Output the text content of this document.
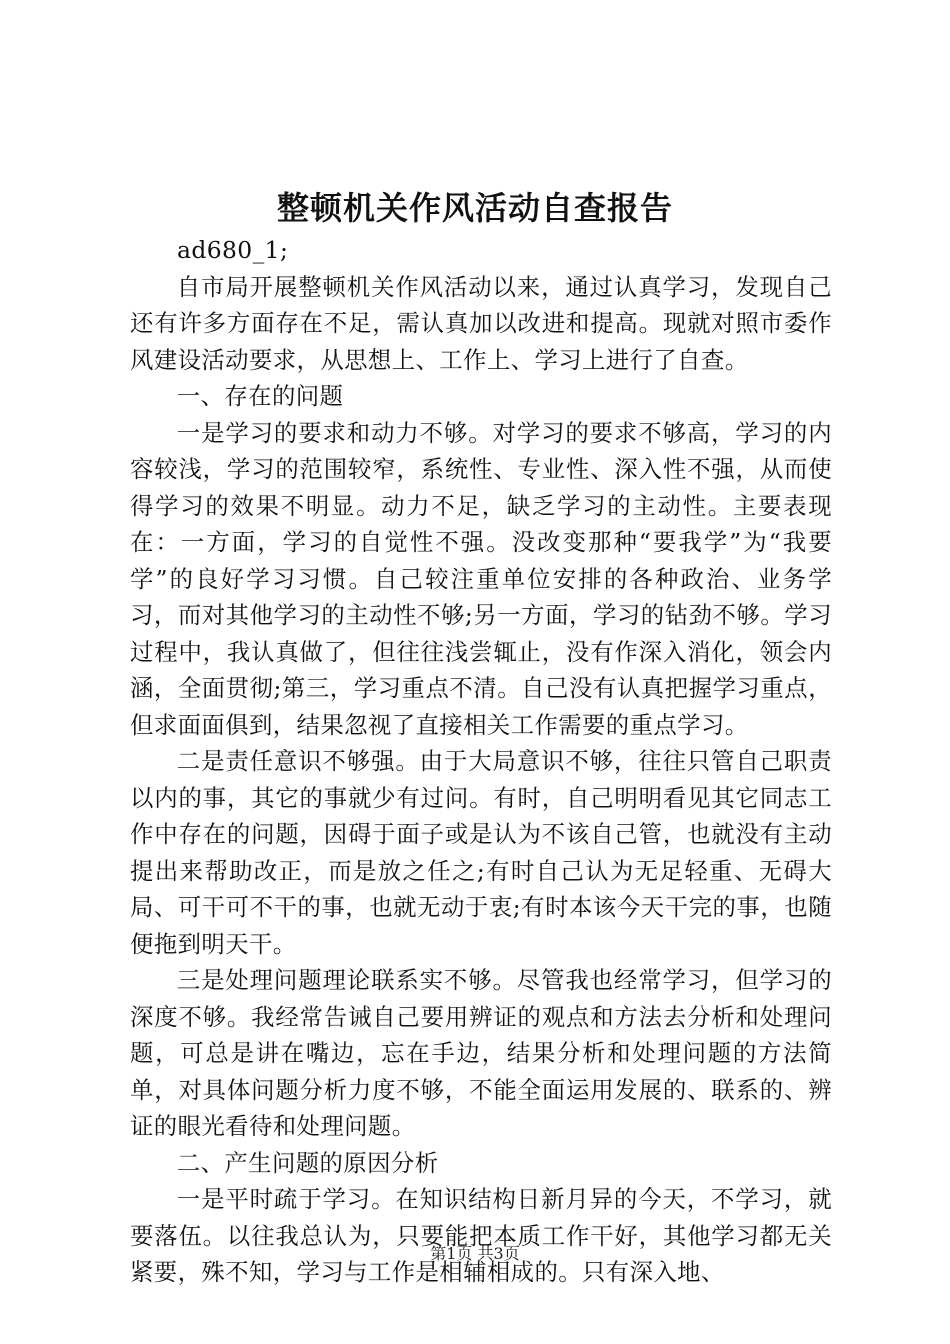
整顿机关作风活动自查报告

ad680_1;

自市局开展整顿机关作风活动以来，通过认真学习，发现自己还有许多方面存在不足，需认真加以改进和提高。现就对照市委作风建设活动要求，从思想上、工作上、学习上进行了自查。

一、存在的问题

一是学习的要求和动力不够。对学习的要求不够高，学习的内容较浅，学习的范围较窄，系统性、专业性、深入性不强，从而使得学习的效果不明显。动力不足，缺乏学习的主动性。主要表现在：一方面，学习的自觉性不强。没改变那种“要我学”为“我要学”的良好学习习惯。自己较注重单位安排的各种政治、业务学习，而对其他学习的主动性不够;另一方面，学习的钻劲不够。学习过程中，我认真做了，但往往浅尝辄止，没有作深入消化，领会内涵，全面贯彻;第三，学习重点不清。自己没有认真把握学习重点，但求面面俱到，结果忽视了直接相关工作需要的重点学习。

二是责任意识不够强。由于大局意识不够，往往只管自己职责以内的事，其它的事就少有过问。有时，自己明明看见其它同志工作中存在的问题，因碍于面子或是认为不该自己管，也就没有主动提出来帮助改正，而是放之任之;有时自己认为无足轻重、无碍大局、可干可不干的事，也就无动于衷;有时本该今天干完的事，也随便拖到明天干。

三是处理问题理论联系实不够。尽管我也经常学习，但学习的深度不够。我经常告诫自己要用辨证的观点和方法去分析和处理问题，可总是讲在嘴边，忘在手边，结果分析和处理问题的方法简单，对具体问题分析力度不够，不能全面运用发展的、联系的、辨证的眼光看待和处理问题。

二、产生问题的原因分析

一是平时疏于学习。在知识结构日新月异的今天，不学习，就要落伍。以往我总认为，只要能把本质工作干好，其他学习都无关紧要，殊不知，学习与工作是相辅相成的。只有深入地、

第1页 共3页
